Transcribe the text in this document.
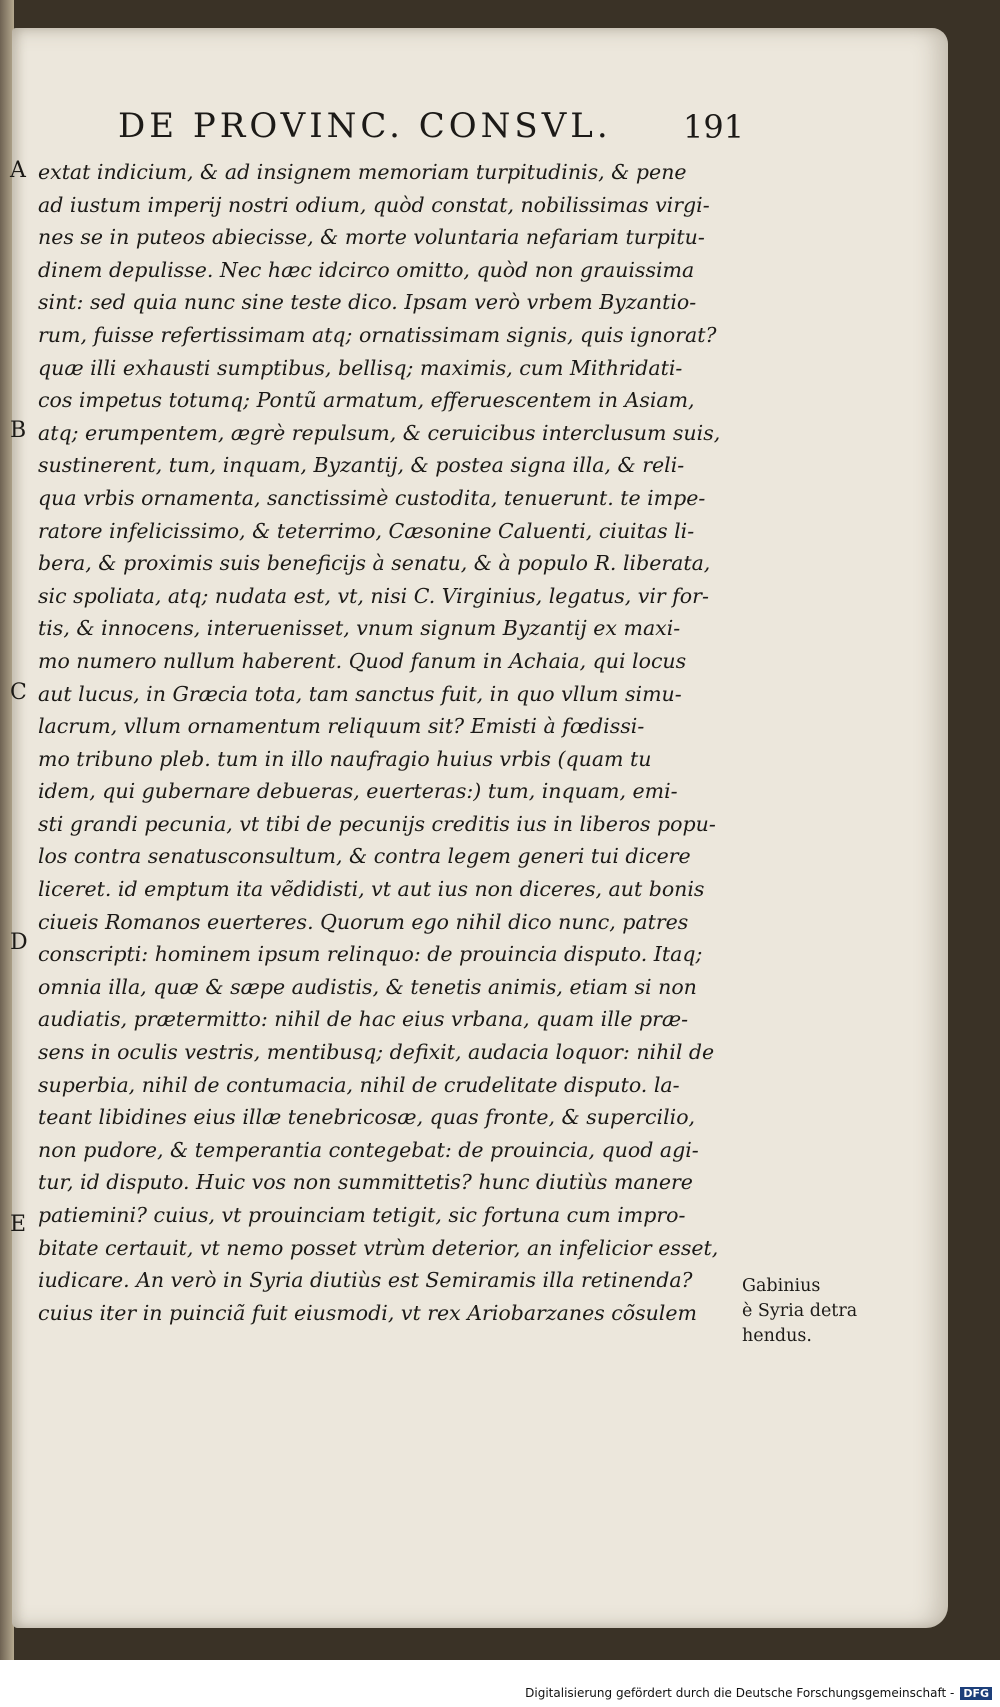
DE PROVINC. CONSVL.	191
A
B
C
D
E
extat indicium, & ad insignem memoriam turpitudinis, & pene
ad iustum imperij nostri odium, quòd constat, nobilissimas virgi-
nes se in puteos abiecisse, & morte voluntaria nefariam turpitu-
dinem depulisse. Nec hæc idcirco omitto, quòd non grauissima
sint: sed quia nunc sine teste dico. Ipsam verò vrbem Byzantio-
rum, fuisse refertissimam atq; ornatissimam signis, quis ignorat?
quæ illi exhausti sumptibus, bellisq; maximis, cum Mithridati-
cos impetus totumq; Pontũ armatum, efferuescentem in Asiam,
atq; erumpentem, ægrè repulsum, & ceruicibus interclusum suis,
sustinerent, tum, inquam, Byzantij, & postea signa illa, & reli-
qua vrbis ornamenta, sanctissimè custodita, tenuerunt. te impe-
ratore infelicissimo, & teterrimo, Cæsonine Caluenti, ciuitas li-
bera, & proximis suis beneficijs à senatu, & à populo R. liberata,
sic spoliata, atq; nudata est, vt, nisi C. Virginius, legatus, vir for-
tis, & innocens, interuenisset, vnum signum Byzantij ex maxi-
mo numero nullum haberent. Quod fanum in Achaia, qui locus
aut lucus, in Græcia tota, tam sanctus fuit, in quo vllum simu-
lacrum, vllum ornamentum reliquum sit? Emisti à fœdissi-
mo tribuno pleb. tum in illo naufragio huius vrbis (quam tu
idem, qui gubernare debueras, euerteras:) tum, inquam, emi-
sti grandi pecunia, vt tibi de pecunijs creditis ius in liberos popu-
los contra senatusconsultum, & contra legem generi tui dicere
liceret. id emptum ita vẽdidisti, vt aut ius non diceres, aut bonis
ciueis Romanos euerteres. Quorum ego nihil dico nunc, patres
conscripti: hominem ipsum relinquo: de prouincia disputo. Itaq;
omnia illa, quæ & sæpe audistis, & tenetis animis, etiam si non
audiatis, prætermitto: nihil de hac eius vrbana, quam ille præ-
sens in oculis vestris, mentibusq; defixit, audacia loquor: nihil de
superbia, nihil de contumacia, nihil de crudelitate disputo. la-
teant libidines eius illæ tenebricosæ, quas fronte, & supercilio,
non pudore, & temperantia contegebat: de prouincia, quod agi-
tur, id disputo. Huic vos non summittetis? hunc diutiùs manere
patiemini? cuius, vt prouinciam tetigit, sic fortuna cum impro-
bitate certauit, vt nemo posset vtrùm deterior, an infelicior esset,
iudicare. An verò in Syria diutiùs est Semiramis illa retinenda?
cuius iter in puinciã fuit eiusmodi, vt rex Ariobarzanes cõsulem
Gabinius
è Syria detra
hendus.
Digitalisierung gefördert durch die Deutsche Forschungsgemeinschaft - DFG
